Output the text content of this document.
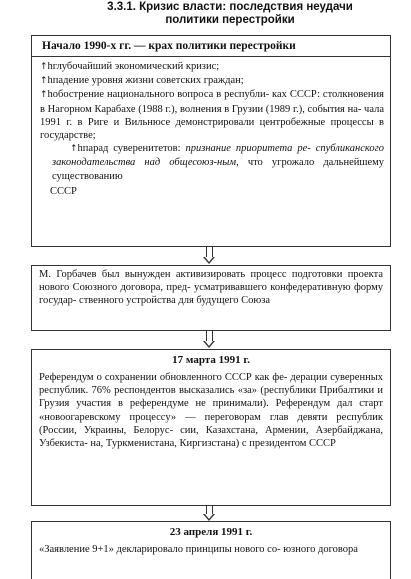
3.3.1. Кризис власти: последствия неудачи
политики перестройки
Начало 1990-х гг. — крах политики перестройки
↑hглубочайший экономический кризис;
↑hпадение уровня жизни советских граждан;
↑hобострение национального вопроса в республи- ках СССР: столкновения в Нагорном Карабахе (1988 г.), волнения в Грузии (1989 г.), события на- чала 1991 г. в Риге и Вильнюсе демонстрировали центробежные процессы в государстве;
↑hпарад суверенитетов: признание приоритета ре- спубликанского законодательства над общесоюз-ным, что угрожало дальнейшему существованию
СССР
М. Горбачев был вынужден активизировать процесс подготовки проекта нового Союзного договора, пред- усматривавшего конфедеративную форму государ- ственного устройства для будущего Союза
17 марта 1991 г.
Референдум о сохранении обновленного СССР как фе- дерации суверенных республик. 76% респондентов высказались «за» (республики Прибалтики и Грузия участия в референдуме не принимали). Референдум дал старт «новоогаревскому процессу» — переговорам глав девяти республик (России, Украины, Белорус- сии, Казахстана, Армении, Азербайджана, Узбекиста- на, Туркменистана, Киргизстана) с президентом СССР
23 апреля 1991 г.
«Заявление 9+1» декларировало принципы нового со- юзного договора
